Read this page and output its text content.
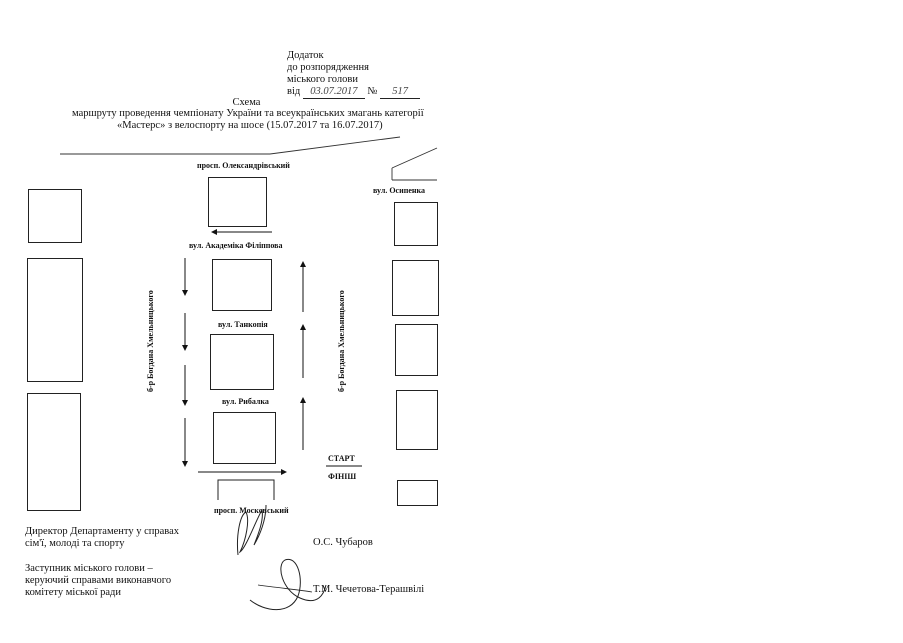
Додаток
до розпорядження
міського голови
від 03.07.2017 № 517
Схема
маршруту проведення чемпіонату України та всеукраїнських змагань категорії
«Мастерс» з велоспорту на шосе (15.07.2017 та 16.07.2017)
просп. Олександрівський
вул. Осипенка
вул. Академіка Філіппова
вул. Танкопія
вул. Рибалка
просп. Московський
б-р Богдана Хмельницького	б-р Богдана Хмельницького
СТАРТ
ФІНІШ
Директор Департаменту у справах
сім'ї, молоді та спорту	О.С. Чубаров
Заступник міського голови –
керуючий справами виконавчого
комітету міської ради	Т.М. Чечетова-Терашвілі
